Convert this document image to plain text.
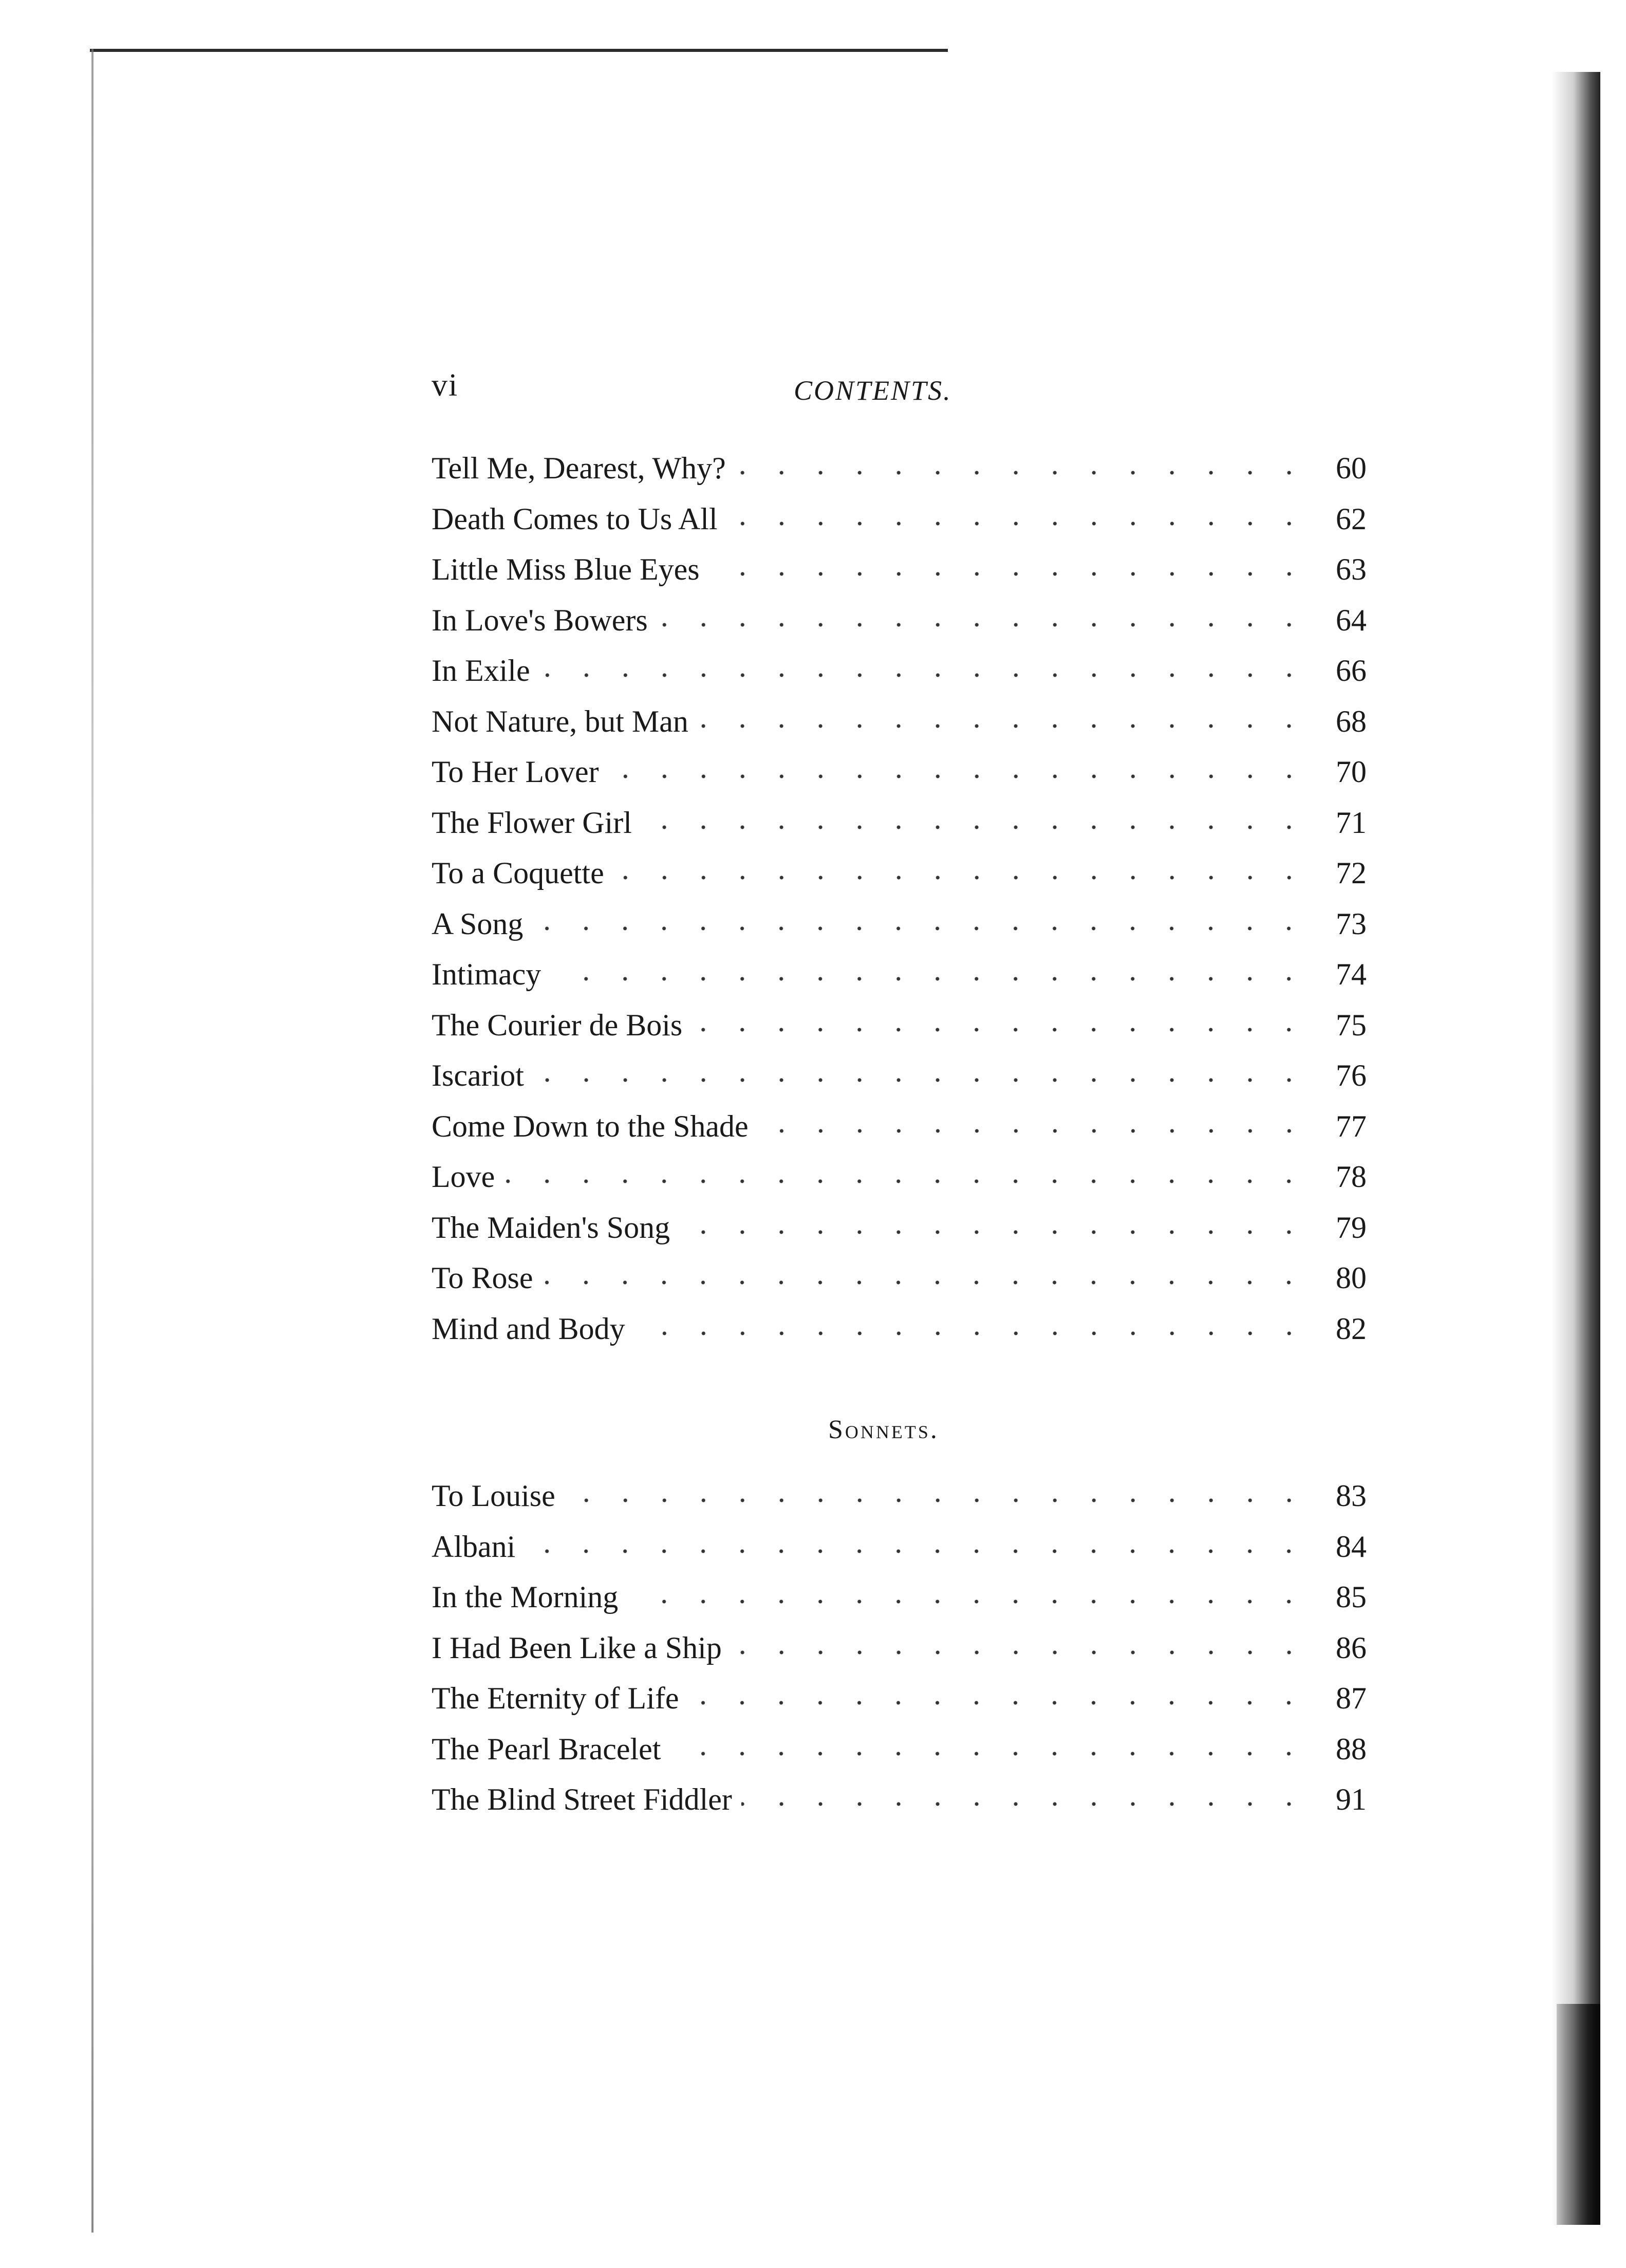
vi	CONTENTS.
Tell Me, Dearest, Why?	60
Death Comes to Us All	62
Little Miss Blue Eyes	63
In Love's Bowers	64
In Exile	66
Not Nature, but Man	68
To Her Lover	70
The Flower Girl	71
To a Coquette	72
A Song	73
Intimacy	74
The Courier de Bois	75
Iscariot	76
Come Down to the Shade	77
Love	78
The Maiden's Song	79
To Rose	80
Mind and Body	82
Sonnets.
To Louise	83
Albani	84
In the Morning	85
I Had Been Like a Ship	86
The Eternity of Life	87
The Pearl Bracelet	88
The Blind Street Fiddler	91
